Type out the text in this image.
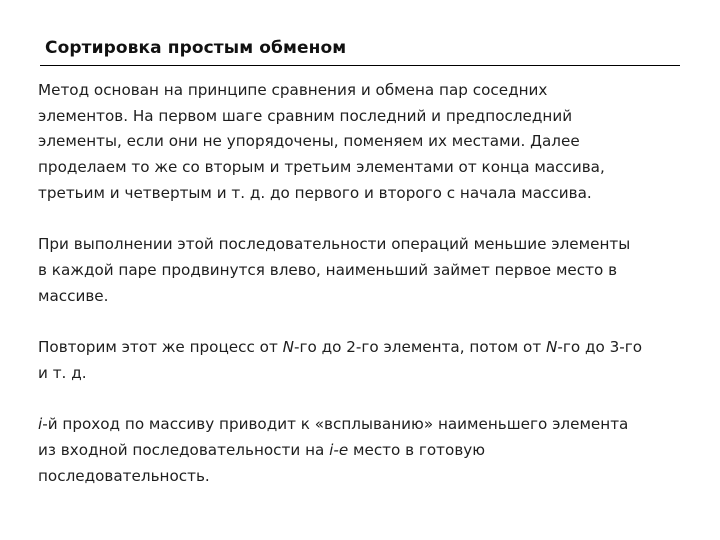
Сортировка простым обменом

Метод основан на принципе сравнения и обмена пар соседних
элементов. На первом шаге сравним последний и предпоследний
элементы, если они не упорядочены, поменяем их местами. Далее
проделаем то же со вторым и третьим элементами от конца массива,
третьим и четвертым и т. д. до первого и второго с начала массива.

При выполнении этой последовательности операций меньшие элементы
в каждой паре продвинутся влево, наименьший займет первое место в
массиве.

Повторим этот же процесс от N-го до 2-го элемента, потом от N-го до 3-го
и т. д.

i-й проход по массиву приводит к «всплыванию» наименьшего элемента
из входной последовательности на i-е место в готовую
последовательность.
